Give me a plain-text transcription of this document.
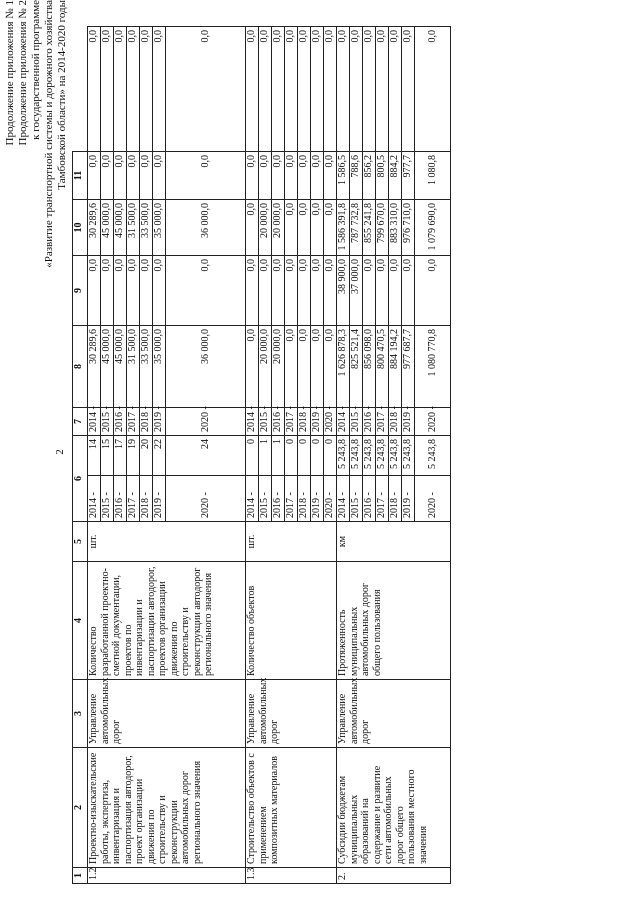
2
Продолжение приложения № 1 Продолжение приложения № 2 к государственной программе «Развитие транспортной системы и дорожного хозяйства Тамбовской области» на 2014-2020 годы
1	2	3	4	5	6		7	8	9	10	11	
1.2	Проектно-изыскательские работы, экспертиза, инвентаризация и паспортизация автодорог, проект организации движения по строительству и реконструкции автомобильных дорог регионального значения	Управление автомобильных дорог	Количество разработанной проектно-сметной документации, проектов по инвентаризации и паспортизации автодорог, проектов организации движения по строительству и реконструкции автодорог регионального значения	шт.	2014 -	14	2014 -	30 289,6	0,0	30 289,6	0,0	0,0
					2015 -	15	2015 -	45 000,0	0,0	45 000,0	0,0	0,0
					2016 -	17	2016 -	45 000,0	0,0	45 000,0	0,0	0,0
					2017 -	19	2017 -	31 500,0	0,0	31 500,0	0,0	0,0
					2018 -	20	2018 -	33 500,0	0,0	33 500,0	0,0	0,0
					2019 -	22	2019 -	35 000,0	0,0	35 000,0	0,0	0,0
					2020 -	24	2020 -	36 000,0	0,0	36 000,0	0,0	0,0
1.3	Строительство объектов с применением композитных материалов	Управление автомобильных дорог	Количество объектов	шт.	2014 -	0	2014 -	0,0	0,0	0,0	0,0	0,0
					2015 -	1	2015 -	20 000,0	0,0	20 000,0	0,0	0,0
					2016 -	1	2016 -	20 000,0	0,0	20 000,0	0,0	0,0
					2017 -	0	2017 -	0,0	0,0	0,0	0,0	0,0
					2018 -	0	2018 -	0,0	0,0	0,0	0,0	0,0
					2019 -	0	2019 -	0,0	0,0	0,0	0,0	0,0
					2020 -	0	2020 -	0,0	0,0	0,0	0,0	0,0
2.	Субсидии бюджетам муниципальных образований на содержание и развитие сети автомобильных дорог общего пользования местного значения	Управление автомобильных дорог	Протяженность муниципальных автомобильных дорог общего пользования	км	2014 -	5 243,8	2014 -	1 626 878,3	38 900,0	1 586 391,8	1 586,5	0,0
					2015 -	5 243,8	2015 -	825 521,4	37 000,0	787 732,8	788,6	0,0
					2016 -	5 243,8	2016 -	856 098,0	0,0	855 241,8	856,2	0,0
					2017 -	5 243,8	2017 -	800 470,5	0,0	799 670,0	800,5	0,0
					2018 -	5 243,8	2018 -	884 194,2	0,0	883 310,0	884,2	0,0
					2019 -	5 243,8	2019 -	977 687,7	0,0	976 710,0	977,7	0,0
					2020 -	5 243,8	2020 -	1 080 770,8	0,0	1 079 690,0	1 080,8	0,0
